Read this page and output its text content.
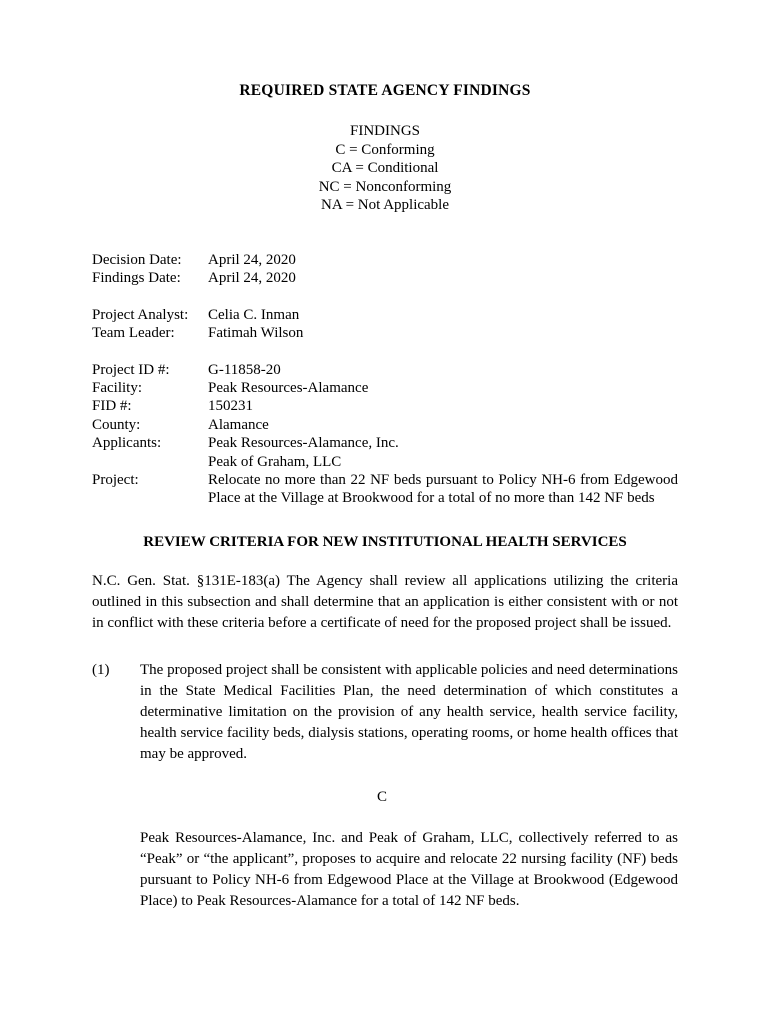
REQUIRED STATE AGENCY FINDINGS
FINDINGS
C = Conforming
CA = Conditional
NC = Nonconforming
NA = Not Applicable
Decision Date:	April 24, 2020
Findings Date:	April 24, 2020
Project Analyst:	Celia C. Inman
Team Leader:	Fatimah Wilson
Project ID #:	G-11858-20
Facility:	Peak Resources-Alamance
FID #:	150231
County:	Alamance
Applicants:	Peak Resources-Alamance, Inc.
	Peak of Graham, LLC
Project:	Relocate no more than 22 NF beds pursuant to Policy NH-6 from Edgewood Place at the Village at Brookwood for a total of no more than 142 NF beds
REVIEW CRITERIA FOR NEW INSTITUTIONAL HEALTH SERVICES

N.C. Gen. Stat. §131E-183(a) The Agency shall review all applications utilizing the criteria outlined in this subsection and shall determine that an application is either consistent with or not in conflict with these criteria before a certificate of need for the proposed project shall be issued.

(1)	The proposed project shall be consistent with applicable policies and need determinations in the State Medical Facilities Plan, the need determination of which constitutes a determinative limitation on the provision of any health service, health service facility, health service facility beds, dialysis stations, operating rooms, or home health offices that may be approved.
C
Peak Resources-Alamance, Inc. and Peak of Graham, LLC, collectively referred to as “Peak” or “the applicant”, proposes to acquire and relocate 22 nursing facility (NF) beds pursuant to Policy NH-6 from Edgewood Place at the Village at Brookwood (Edgewood Place) to Peak Resources-Alamance for a total of 142 NF beds.
